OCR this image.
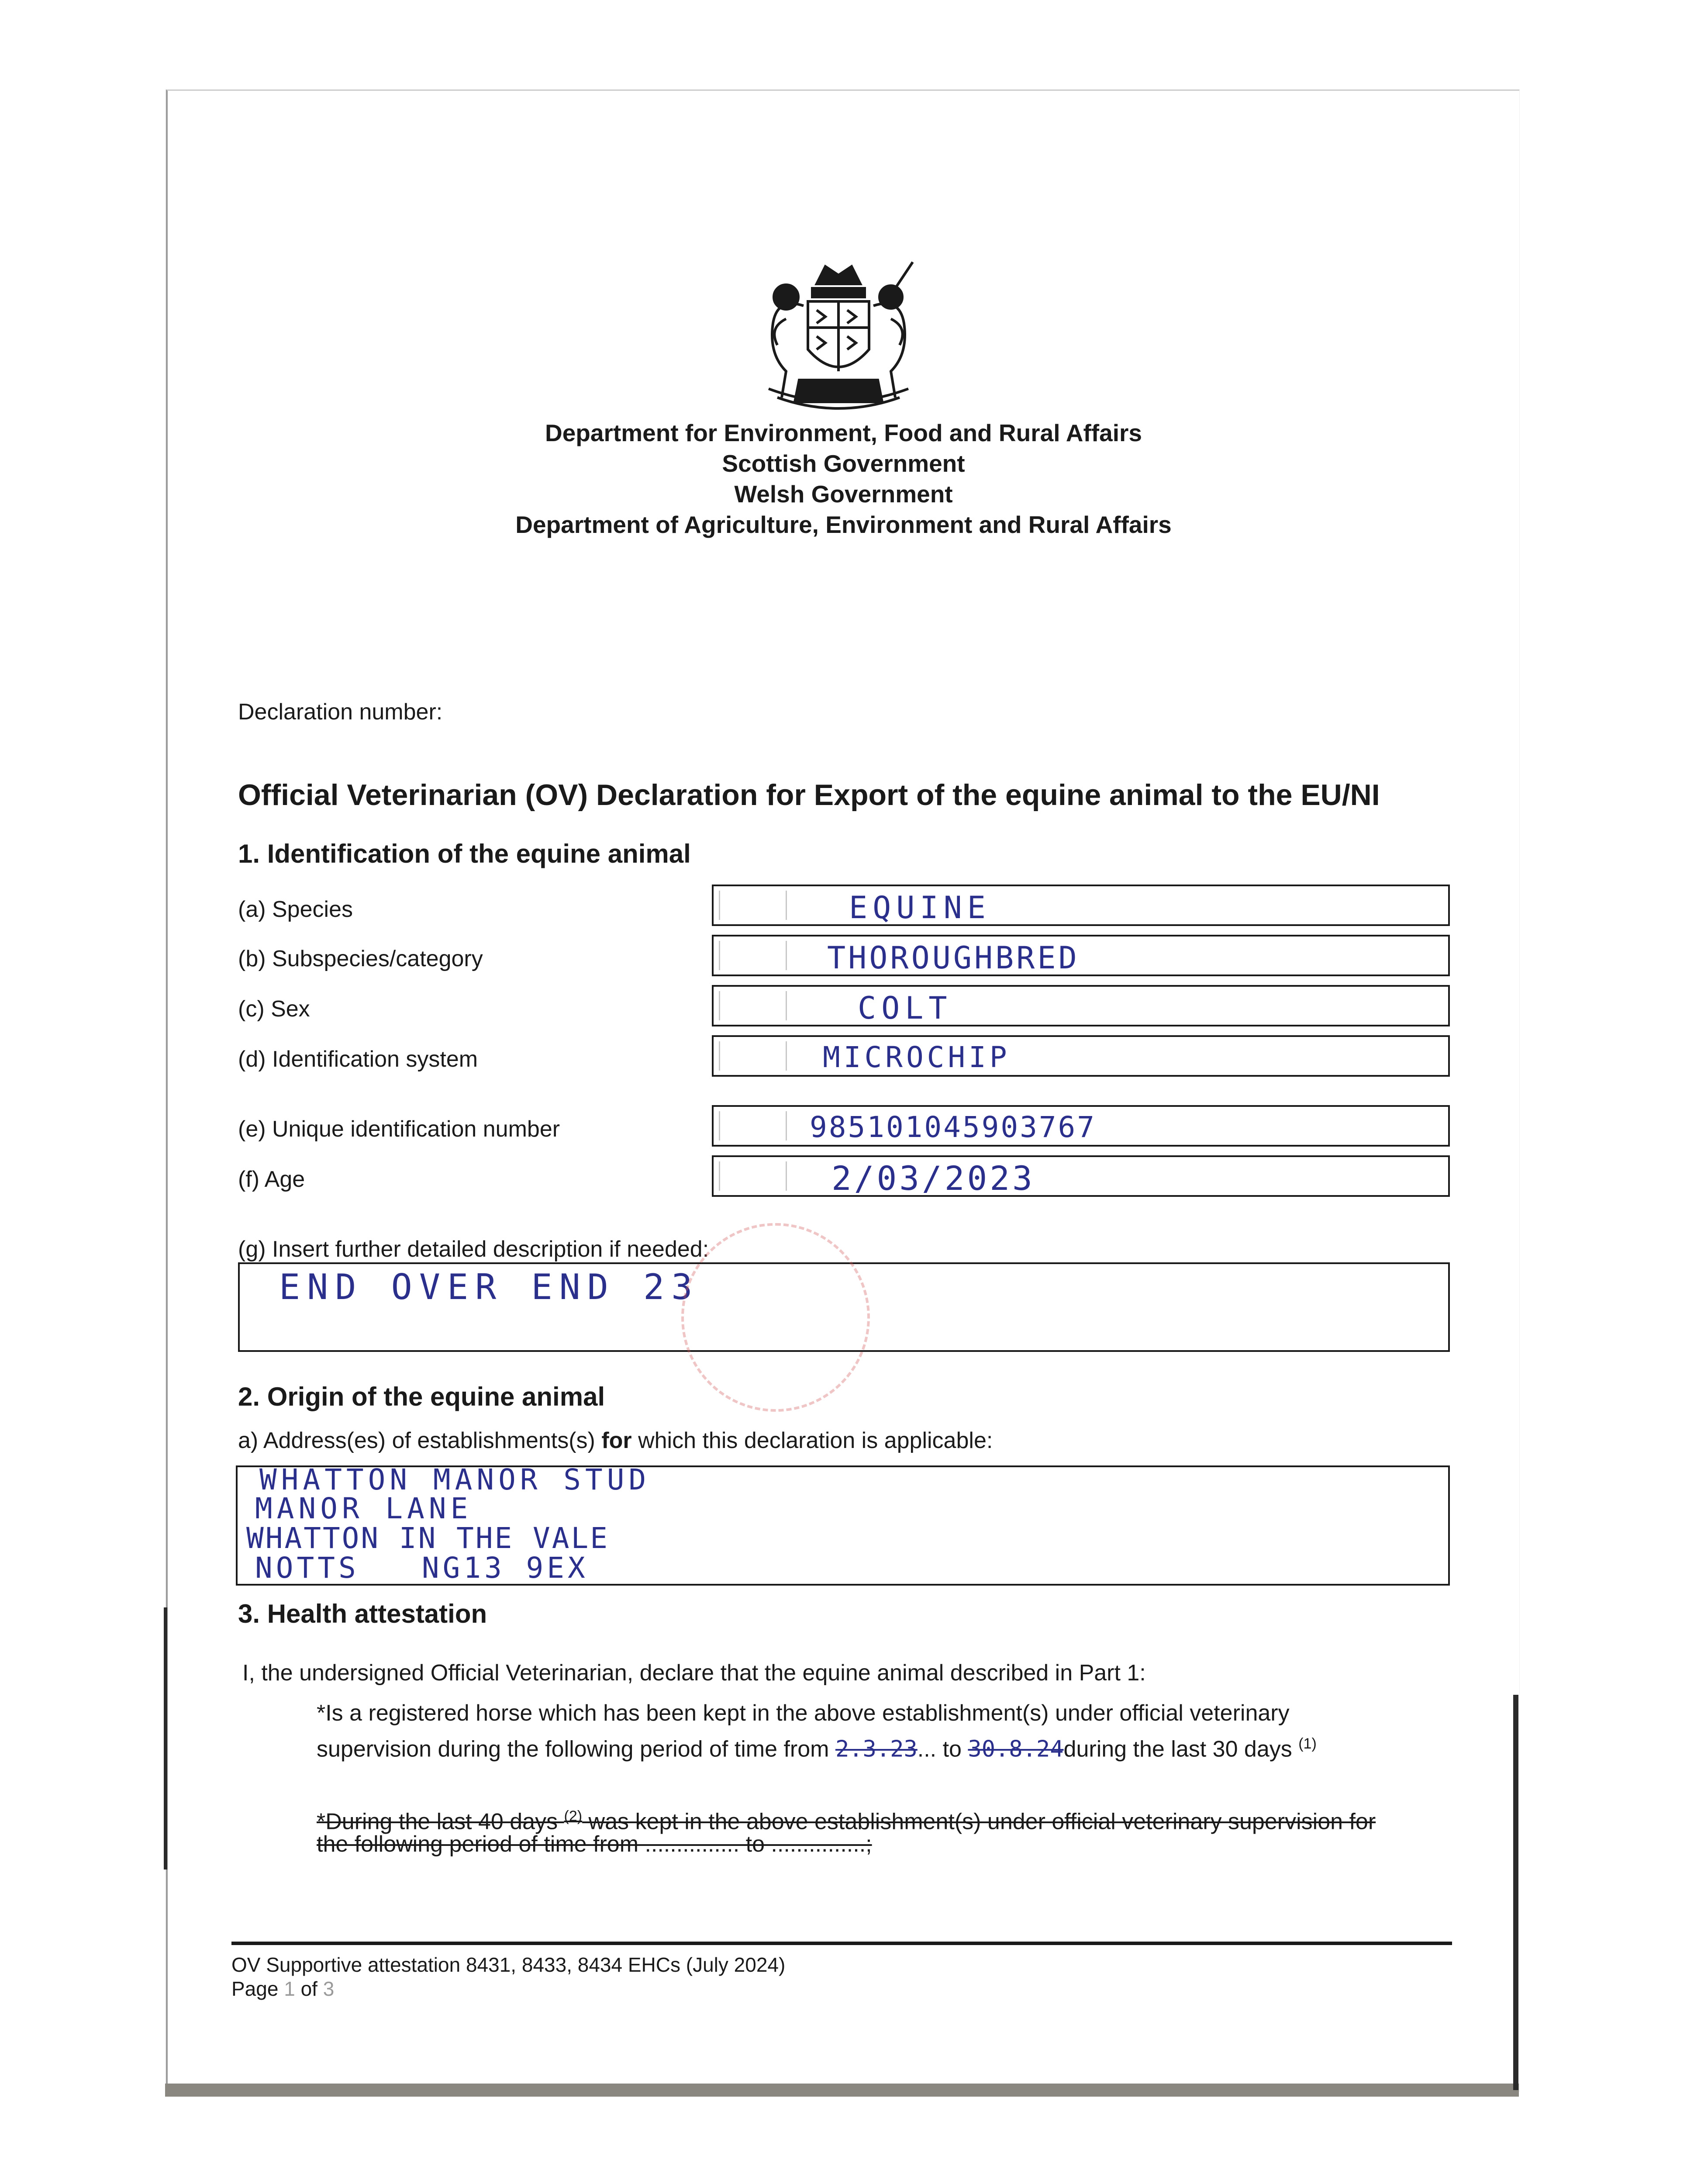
Department for Environment, Food and Rural Affairs
Scottish Government
Welsh Government
Department of Agriculture, Environment and Rural Affairs
Declaration number:
Official Veterinarian (OV) Declaration for Export of the equine animal to the EU/NI
1. Identification of the equine animal
(a) Species	EQUINE
(b) Subspecies/category	THOROUGHBRED
(c) Sex	COLT
(d) Identification system	MICROCHIP
(e) Unique identification number	985101045903767
(f) Age	2/03/2023
(g) Insert further detailed description if needed:
END OVER END 23
2. Origin of the equine animal
a) Address(es) of establishments(s) for which this declaration is applicable:
WHATTON MANOR STUD
MANOR LANE
WHATTON IN THE VALE
NOTTS   NG13 9EX
3. Health attestation
I, the undersigned Official Veterinarian, declare that the equine animal described in Part 1:
*Is a registered horse which has been kept in the above establishment(s) under official veterinary
supervision during the following period of time from 2.3.23... to 30.8.24during the last 30 days $^{(1)}$
*During the last 40 days $^{(2)}$ was kept in the above establishment(s) under official veterinary supervision for
the following period of time from ............... to ...............;
OV Supportive attestation 8431, 8433, 8434 EHCs (July 2024)
Page 1 of 3
